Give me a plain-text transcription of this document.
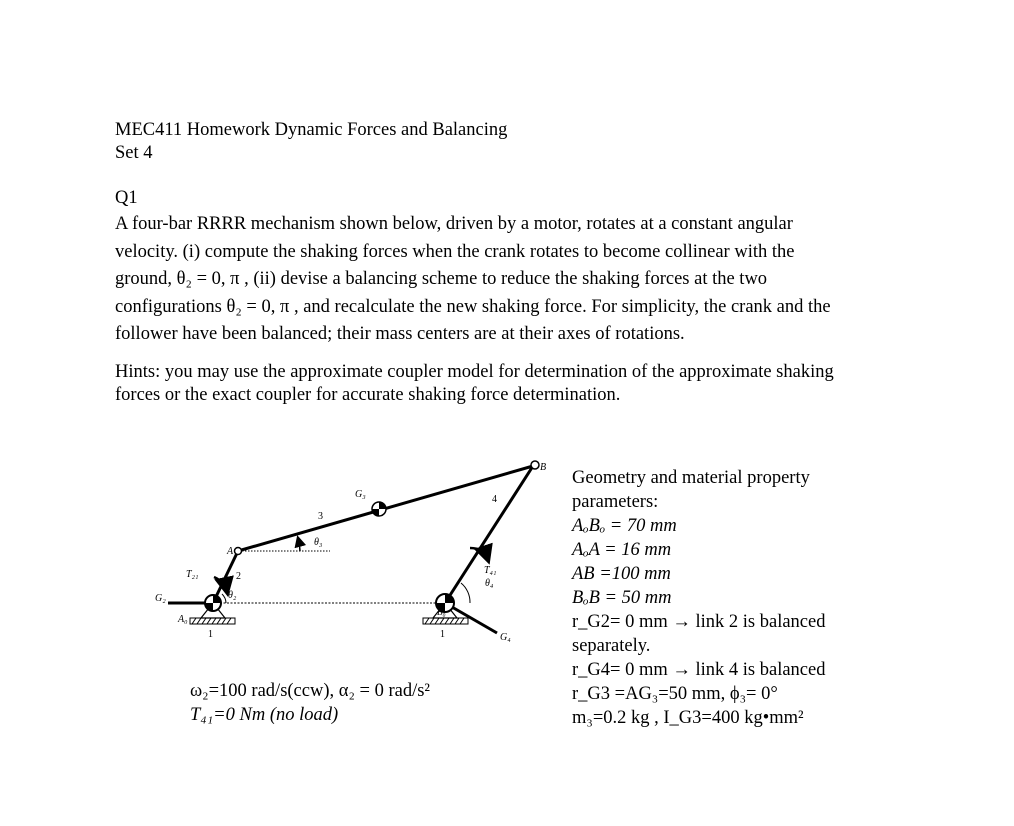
MEC411 Homework Dynamic Forces and Balancing
Set 4
Q1
A four-bar RRRR mechanism shown below, driven by a motor, rotates at a constant angular
velocity. (i) compute the shaking forces when the crank rotates to become collinear with the
ground, θ₂ = 0, π , (ii) devise a balancing scheme to reduce the shaking forces at the two
configurations θ₂ = 0, π , and recalculate the new shaking force. For simplicity, the crank and the
follower have been balanced; their mass centers are at their axes of rotations.
Hints: you may use the approximate coupler model for determination of the approximate shaking
forces or the exact coupler for accurate shaking force determination.
B
G₃	4
3
θ₃
A
T₂₁	2
T₄₁
θ₄
G₂	θ₂
A₀
B₀
G₄
1	1
Geometry and material property
parameters:
AₒBₒ = 70 mm
AₒA = 16 mm
AB =100 mm
BₒB = 50 mm
r_G2= 0 mm → link 2 is balanced
separately.
r_G4= 0 mm → link 4 is balanced
r_G3 =AG₃=50 mm, ϕ₃= 0°
m₃=0.2 kg , I_G3=400 kg•mm²
ω₂=100 rad/s(ccw), α₂ = 0 rad/s²
T₄₁=0 Nm (no load)
